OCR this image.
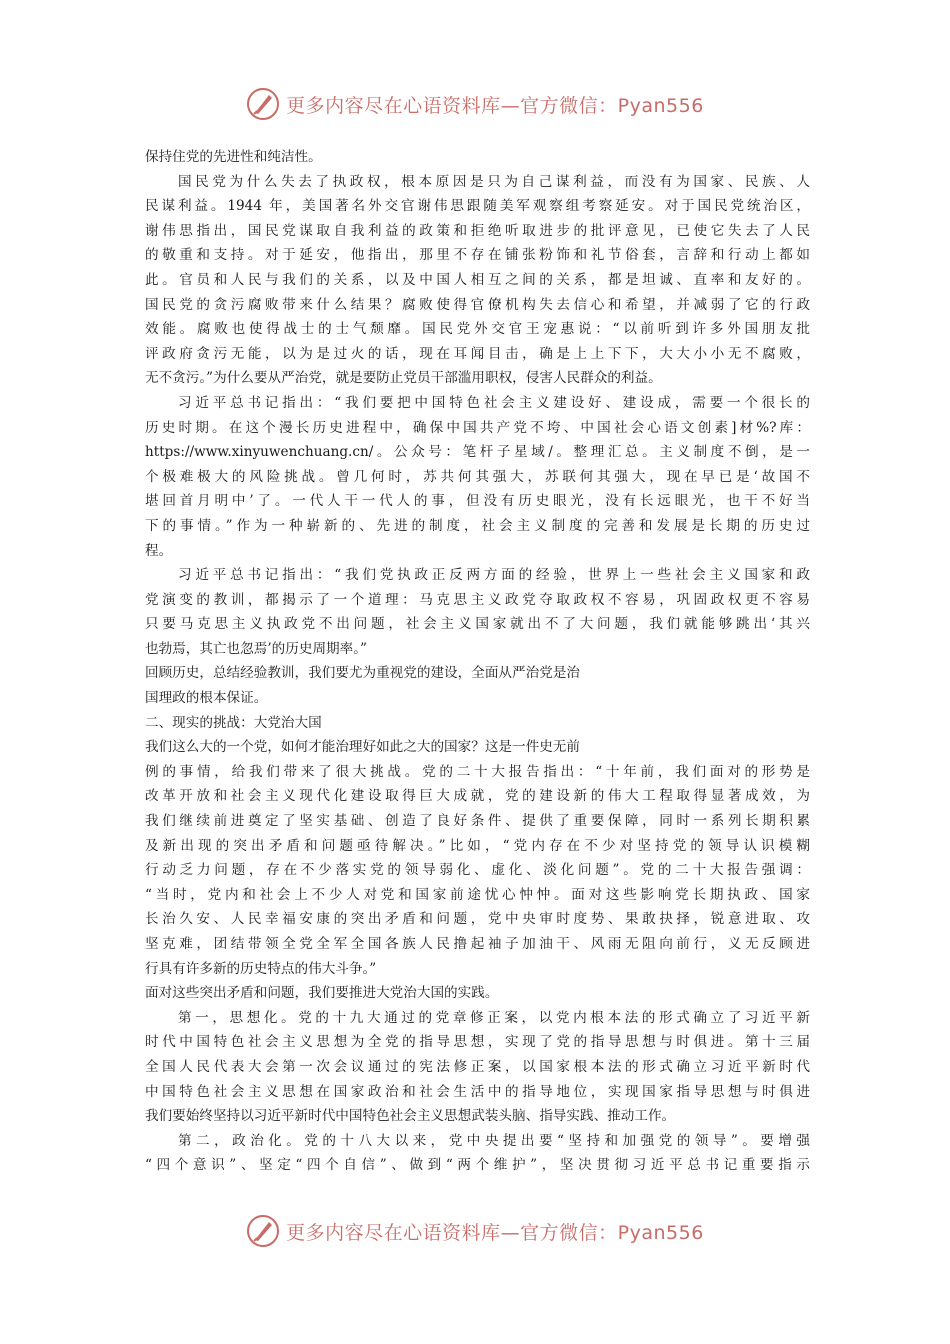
更多内容尽在心语资料库—官方微信：Pyan556
保持住党的先进性和纯洁性。
国民党为什么失去了执政权，根本原因是只为自己谋利益，而没有为国家、民族、人
民谋利益。1944 年，美国著名外交官谢伟思跟随美军观察组考察延安。对于国民党统治区，
谢伟思指出，国民党谋取自我利益的政策和拒绝听取进步的批评意见，已使它失去了人民
的敬重和支持。对于延安，他指出，那里不存在铺张粉饰和礼节俗套，言辞和行动上都如
此。官员和人民与我们的关系，以及中国人相互之间的关系，都是坦诚、直率和友好的。
国民党的贪污腐败带来什么结果？腐败使得官僚机构失去信心和希望，并减弱了它的行政
效能。腐败也使得战士的士气颓靡。国民党外交官王宠惠说：“以前听到许多外国朋友批
评政府贪污无能，以为是过火的话，现在耳闻目击，确是上上下下，大大小小无不腐败，
无不贪污。”为什么要从严治党，就是要防止党员干部滥用职权，侵害人民群众的利益。
习近平总书记指出：“我们要把中国特色社会主义建设好、建设成，需要一个很长的
历史时期。在这个漫长历史进程中，确保中国共产党不垮、中国社会心语文创素]材%?库：
https://www.xinyuwenchuang.cn/。公众号：笔杆子星域/。整理汇总。主义制度不倒，是一
个极难极大的风险挑战。曾几何时，苏共何其强大，苏联何其强大，现在早已是‘故国不
堪回首月明中’了。一代人干一代人的事，但没有历史眼光，没有长远眼光，也干不好当
下的事情。”作为一种崭新的、先进的制度，社会主义制度的完善和发展是长期的历史过
程。
习近平总书记指出：“我们党执政正反两方面的经验，世界上一些社会主义国家和政
党演变的教训，都揭示了一个道理：马克思主义政党夺取政权不容易，巩固政权更不容易
只要马克思主义执政党不出问题，社会主义国家就出不了大问题，我们就能够跳出‘其兴
也勃焉，其亡也忽焉’的历史周期率。”
回顾历史，总结经验教训，我们要尤为重视党的建设，全面从严治党是治
国理政的根本保证。
二、现实的挑战：大党治大国
我们这么大的一个党，如何才能治理好如此之大的国家？这是一件史无前
例的事情，给我们带来了很大挑战。党的二十大报告指出：“十年前，我们面对的形势是
改革开放和社会主义现代化建设取得巨大成就，党的建设新的伟大工程取得显著成效，为
我们继续前进奠定了坚实基础、创造了良好条件、提供了重要保障，同时一系列长期积累
及新出现的突出矛盾和问题亟待解决。”比如，“党内存在不少对坚持党的领导认识模糊
行动乏力问题，存在不少落实党的领导弱化、虚化、淡化问题”。党的二十大报告强调：
“当时，党内和社会上不少人对党和国家前途忧心忡忡。面对这些影响党长期执政、国家
长治久安、人民幸福安康的突出矛盾和问题，党中央审时度势、果敢抉择，锐意进取、攻
坚克难，团结带领全党全军全国各族人民撸起袖子加油干、风雨无阻向前行，义无反顾进
行具有许多新的历史特点的伟大斗争。”
面对这些突出矛盾和问题，我们要推进大党治大国的实践。
第一，思想化。党的十九大通过的党章修正案，以党内根本法的形式确立了习近平新
时代中国特色社会主义思想为全党的指导思想，实现了党的指导思想与时俱进。第十三届
全国人民代表大会第一次会议通过的宪法修正案，以国家根本法的形式确立习近平新时代
中国特色社会主义思想在国家政治和社会生活中的指导地位，实现国家指导思想与时俱进
我们要始终坚持以习近平新时代中国特色社会主义思想武装头脑、指导实践、推动工作。
第二，政治化。党的十八大以来，党中央提出要“坚持和加强党的领导”。要增强
“四个意识”、坚定“四个自信”、做到“两个维护”，坚决贯彻习近平总书记重要指示
更多内容尽在心语资料库—官方微信：Pyan556
